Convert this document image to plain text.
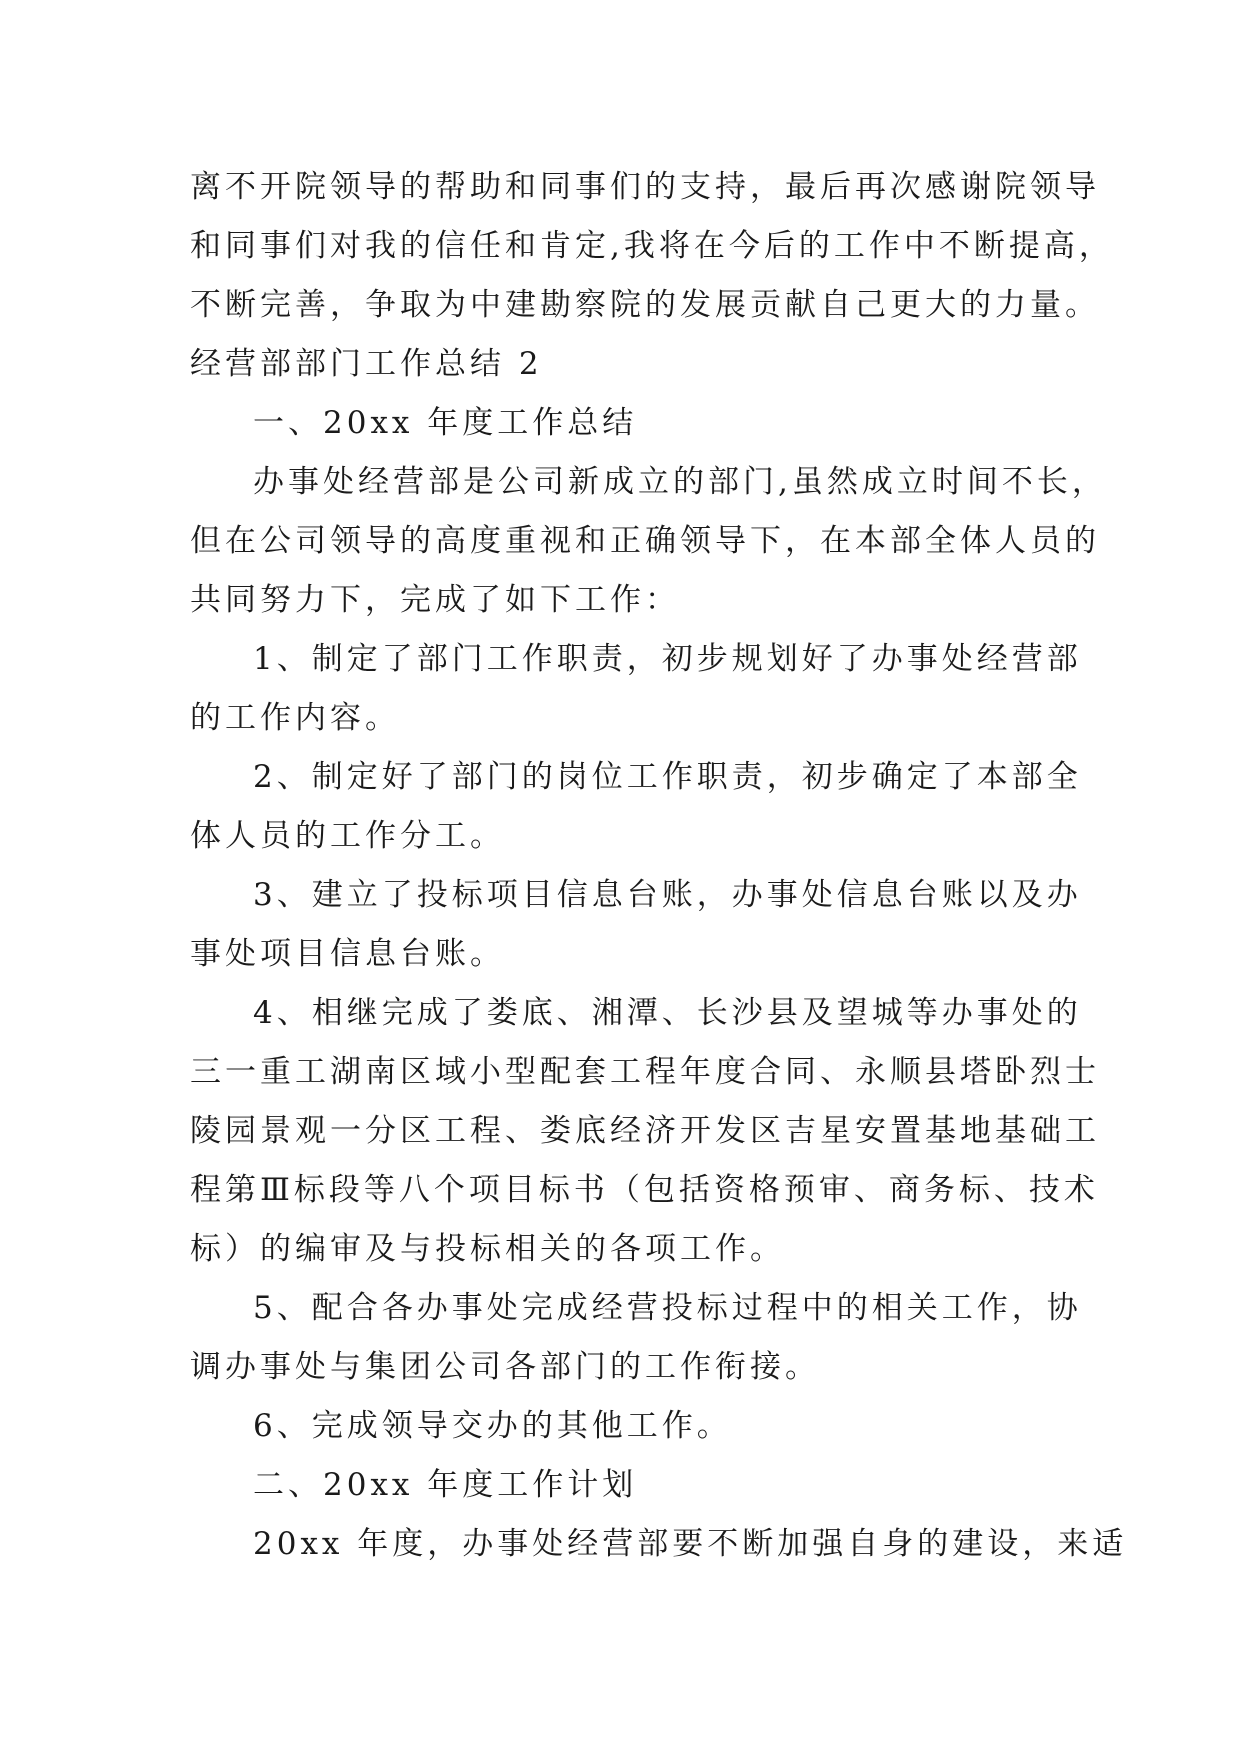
离不开院领导的帮助和同事们的支持，最后再次感谢院领导

和同事们对我的信任和肯定,我将在今后的工作中不断提高，

不断完善，争取为中建勘察院的发展贡献自己更大的力量。

经营部部门工作总结 2

一、20xx 年度工作总结

办事处经营部是公司新成立的部门,虽然成立时间不长，

但在公司领导的高度重视和正确领导下，在本部全体人员的

共同努力下，完成了如下工作：

1、制定了部门工作职责，初步规划好了办事处经营部

的工作内容。

2、制定好了部门的岗位工作职责，初步确定了本部全

体人员的工作分工。

3、建立了投标项目信息台账，办事处信息台账以及办

事处项目信息台账。

4、相继完成了娄底、湘潭、长沙县及望城等办事处的

三一重工湖南区域小型配套工程年度合同、永顺县塔卧烈士

陵园景观一分区工程、娄底经济开发区吉星安置基地基础工

程第Ⅲ标段等八个项目标书（包括资格预审、商务标、技术

标）的编审及与投标相关的各项工作。

5、配合各办事处完成经营投标过程中的相关工作，协

调办事处与集团公司各部门的工作衔接。

6、完成领导交办的其他工作。

二、20xx 年度工作计划

20xx 年度，办事处经营部要不断加强自身的建设，来适
